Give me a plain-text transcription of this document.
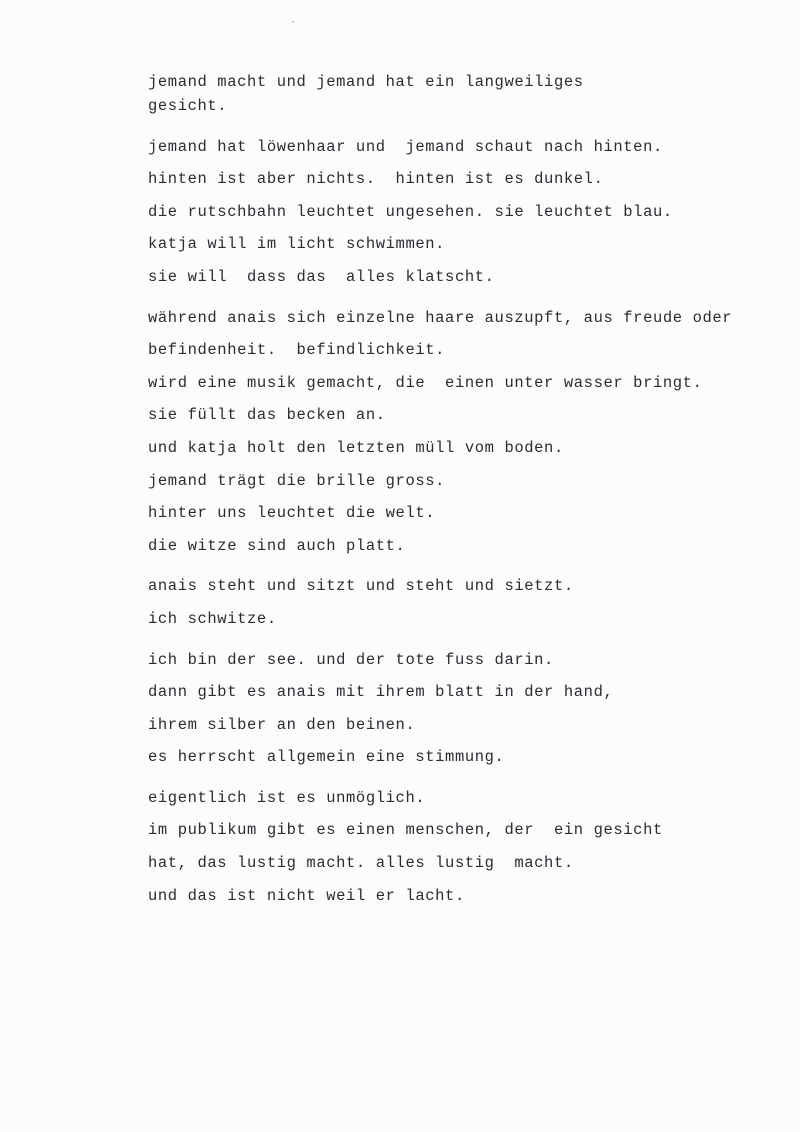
jemand macht und jemand hat ein langweiliges
gesicht.
jemand hat löwenhaar und  jemand schaut nach hinten.
hinten ist aber nichts.  hinten ist es dunkel.
die rutschbahn leuchtet ungesehen. sie leuchtet blau.
katja will im licht schwimmen.
sie will  dass das  alles klatscht.
während anais sich einzelne haare auszupft, aus freude oder
befindenheit.  befindlichkeit.
wird eine musik gemacht, die  einen unter wasser bringt.
sie füllt das becken an.
und katja holt den letzten müll vom boden.
jemand trägt die brille gross.
hinter uns leuchtet die welt.
die witze sind auch platt.
anais steht und sitzt und steht und sietzt.
ich schwitze.
ich bin der see. und der tote fuss darin.
dann gibt es anais mit ihrem blatt in der hand,
ihrem silber an den beinen.
es herrscht allgemein eine stimmung.
eigentlich ist es unmöglich.
im publikum gibt es einen menschen, der  ein gesicht
hat, das lustig macht. alles lustig  macht.
und das ist nicht weil er lacht.
